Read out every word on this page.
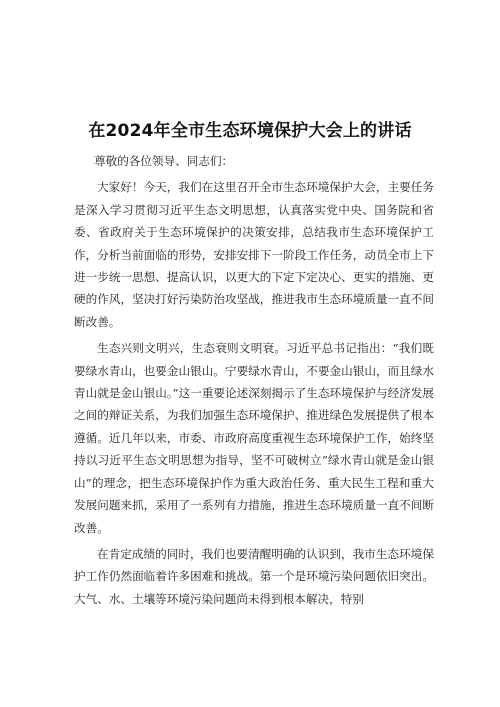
在2024年全市生态环境保护大会上的讲话

尊敬的各位领导、同志们：

大家好！今天，我们在这里召开全市生态环境保护大会，主要任务是深入学习贯彻习近平生态文明思想，认真落实党中央、国务院和省委、省政府关于生态环境保护的决策安排，总结我市生态环境保护工作，分析当前面临的形势，安排安排下一阶段工作任务，动员全市上下进一步统一思想、提高认识，以更大的下定下定决心、更实的措施、更硬的作风，坚决打好污染防治攻坚战，推进我市生态环境质量一直不间断改善。

生态兴则文明兴，生态衰则文明衰。习近平总书记指出：“我们既要绿水青山，也要金山银山。宁要绿水青山，不要金山银山，而且绿水青山就是金山银山。”这一重要论述深刻揭示了生态环境保护与经济发展之间的辩证关系，为我们加强生态环境保护、推进绿色发展提供了根本遵循。近几年以来，市委、市政府高度重视生态环境保护工作，始终坚持以习近平生态文明思想为指导，坚不可破树立“绿水青山就是金山银山”的理念，把生态环境保护作为重大政治任务、重大民生工程和重大发展问题来抓，采用了一系列有力措施，推进生态环境质量一直不间断改善。

在肯定成绩的同时，我们也要清醒明确的认识到，我市生态环境保护工作仍然面临着许多困难和挑战。第一个是环境污染问题依旧突出。大气、水、土壤等环境污染问题尚未得到根本解决，特别
